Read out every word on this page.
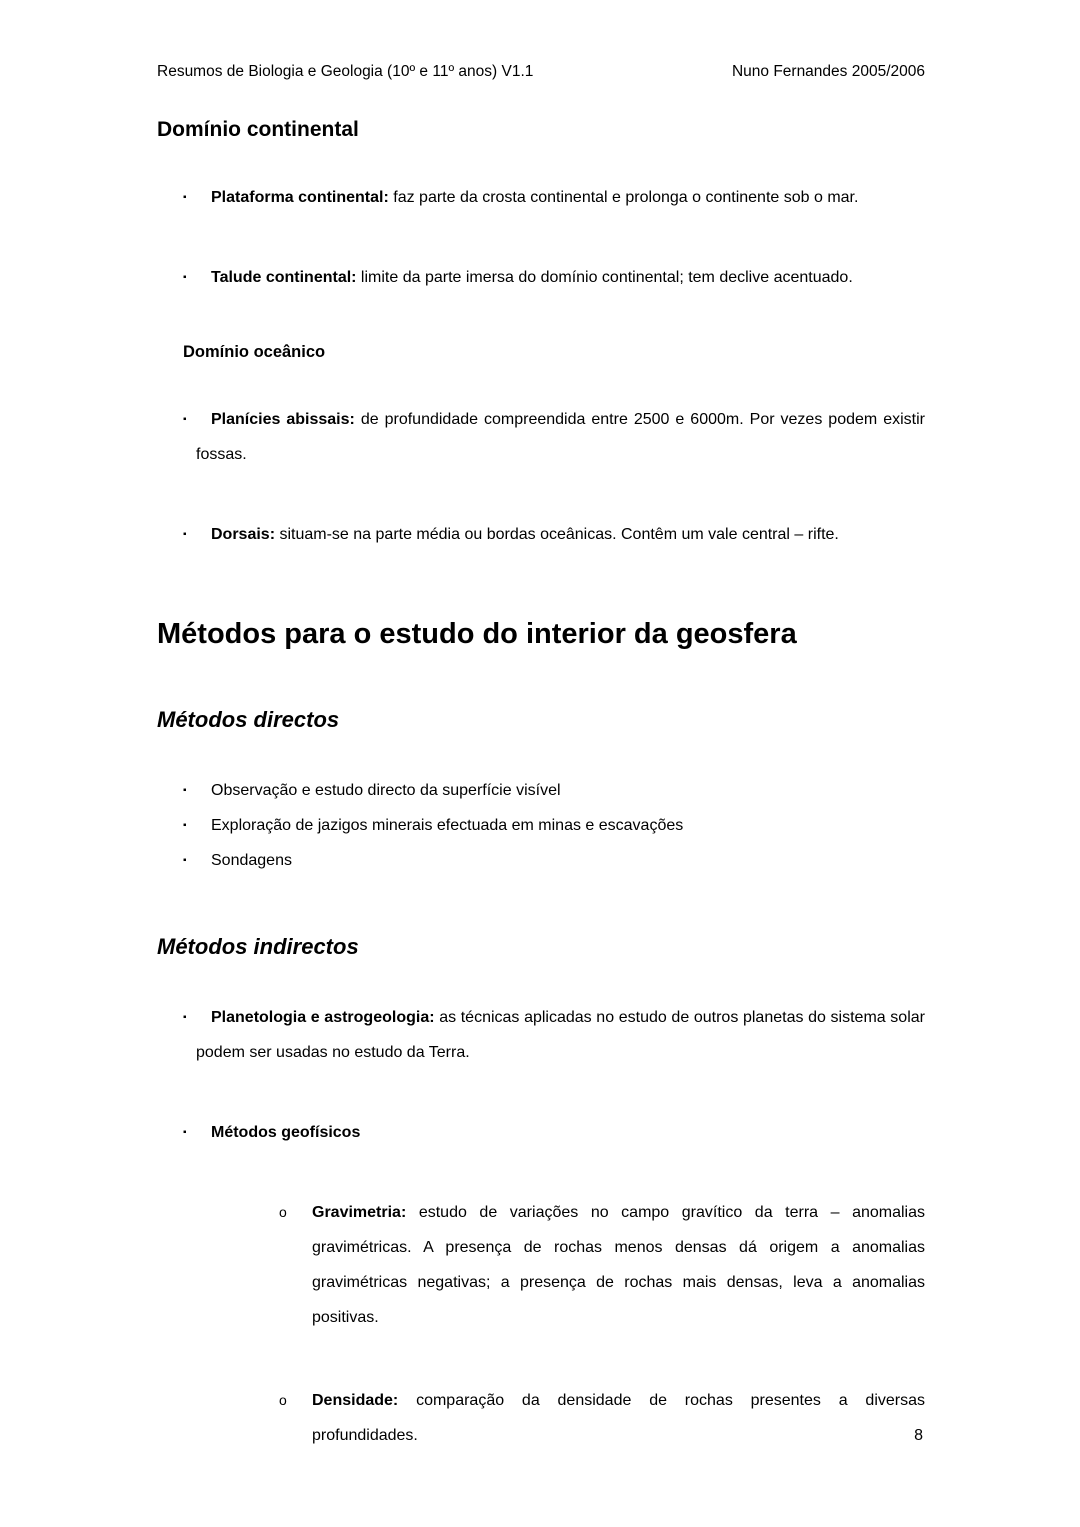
Resumos de Biologia e Geologia (10º e 11º anos) V1.1	Nuno Fernandes 2005/2006
Domínio continental
▪ Plataforma continental: faz parte da crosta continental e prolonga o continente sob o mar.
▪ Talude continental: limite da parte imersa do domínio continental; tem declive acentuado.
Domínio oceânico
▪ Planícies abissais: de profundidade compreendida entre 2500 e 6000m. Por vezes podem existir fossas.
▪ Dorsais: situam-se na parte média ou bordas oceânicas. Contêm um vale central – rifte.
Métodos para o estudo do interior da geosfera
Métodos directos
▪ Observação e estudo directo da superfície visível
▪ Exploração de jazigos minerais efectuada em minas e escavações
▪ Sondagens
Métodos indirectos
▪ Planetologia e astrogeologia: as técnicas aplicadas no estudo de outros planetas do sistema solar podem ser usadas no estudo da Terra.
▪ Métodos geofísicos
o Gravimetria: estudo de variações no campo gravítico da terra – anomalias gravimétricas. A presença de rochas menos densas dá origem a anomalias gravimétricas negativas; a presença de rochas mais densas, leva a anomalias positivas.
o Densidade: comparação da densidade de rochas presentes a diversas profundidades.	8
